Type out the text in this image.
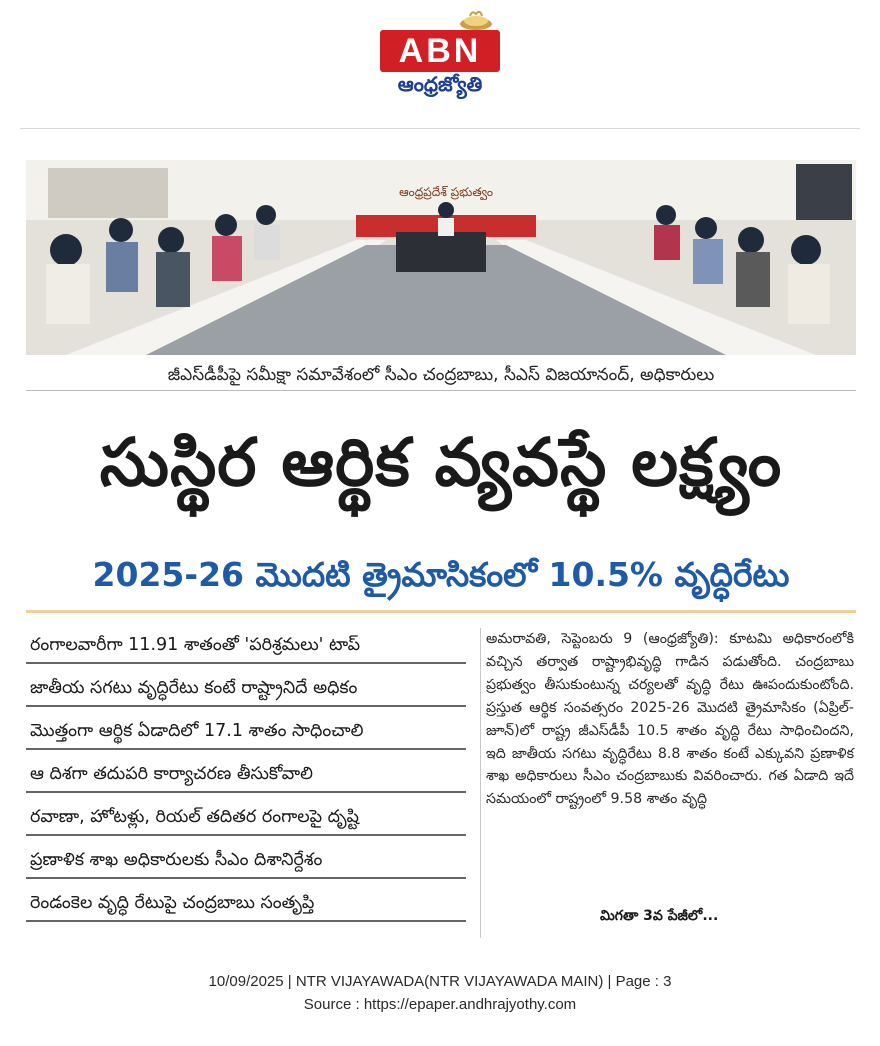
ABN
ఆంధ్రజ్యోతి
ఆంధ్రప్రదేశ్ ప్రభుత్వం
జీఎస్‌డీపీపై సమీక్షా సమావేశంలో సీఎం చంద్రబాబు, సీఎస్ విజయానంద్, అధికారులు
సుస్థిర ఆర్థిక వ్యవస్థే లక్ష్యం
2025-26 మొదటి త్రైమాసికంలో 10.5% వృద్ధిరేటు
రంగాలవారీగా 11.91 శాతంతో 'పరిశ్రమలు' టాప్
జాతీయ సగటు వృద్ధిరేటు కంటే రాష్ట్రానిదే అధికం
మొత్తంగా ఆర్థిక ఏడాదిలో 17.1 శాతం సాధించాలి
ఆ దిశగా తదుపరి కార్యాచరణ తీసుకోవాలి
రవాణా, హోటళ్లు, రియల్ తదితర రంగాలపై దృష్టి
ప్రణాళిక శాఖ అధికారులకు సీఎం దిశానిర్దేశం
రెండంకెల వృద్ధి రేటుపై చంద్రబాబు సంతృప్తి
అమరావతి, సెప్టెంబరు 9 (ఆంధ్రజ్యోతి): కూటమి అధికారంలోకి వచ్చిన తర్వాత రాష్ట్రాభివృద్ధి గాడిన పడుతోంది. చంద్రబాబు ప్రభుత్వం తీసుకుంటున్న చర్యలతో వృద్ధి రేటు ఊపందుకుంటోంది. ప్రస్తుత ఆర్థిక సంవత్సరం 2025-26 మొదటి త్రైమాసికం (ఏప్రిల్-జూన్)లో రాష్ట్ర జీఎస్‌డీపీ 10.5 శాతం వృద్ధి రేటు సాధించిందని, ఇది జాతీయ సగటు వృద్ధిరేటు 8.8 శాతం కంటే ఎక్కువని ప్రణాళిక శాఖ అధికారులు సీఎం చంద్రబాబుకు వివరించారు. గత ఏడాది ఇదే సమయంలో రాష్ట్రంలో 9.58 శాతం వృద్ధి
మిగతా 3వ పేజీలో...
10/09/2025 | NTR VIJAYAWADA(NTR VIJAYAWADA MAIN) | Page : 3
Source : https://epaper.andhrajyothy.com
